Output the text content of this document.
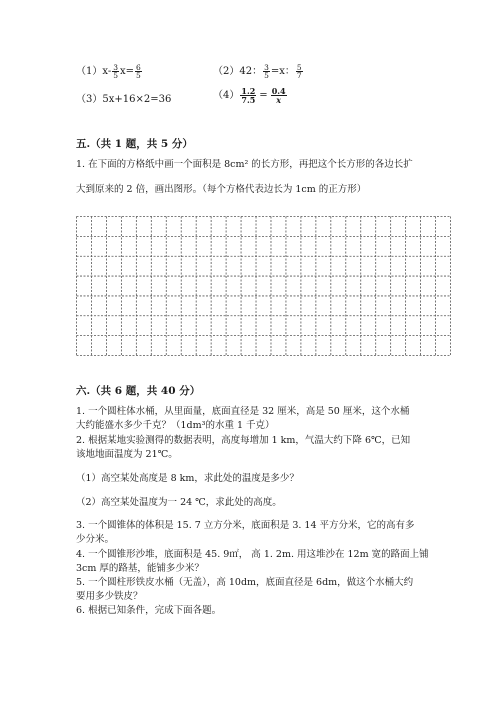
$(1)x- \frac{3}{5} x= \frac{6}{5}$	（2）42： $\frac{3}{5} =x$： $\frac{5}{7}$
（3）5x+16×2=36	$(4) \frac{1.2}{7.5} = \frac{0.4}{x}$
五.（共 1 题，共 5 分）
1. 在下面的方格纸中画一个面积是 8cm² 的长方形，再把这个长方形的各边长扩
大到原来的 2 倍，画出图形。（每个方格代表边长为 1cm 的正方形）
六.（共 6 题，共 40 分）
1. 一个圆柱体水桶，从里面量，底面直径是 32 厘米，高是 50 厘米，这个水桶
大约能盛水多少千克？（1dm³的水重 1 千克）
2. 根据某地实验测得的数据表明，高度每增加 1 km，气温大约下降 6℃，已知
该地地面温度为 21℃。
（1）高空某处高度是 8 km，求此处的温度是多少？
（2）高空某处温度为一 24 ℃，求此处的高度。
3. 一个圆锥体的体积是 15. 7 立方分米，底面积是 3. 14 平方分米，它的高有多
少分米。
4. 一个圆锥形沙堆，底面积是 45. 9㎡， 高 1. 2m. 用这堆沙在 12m 宽的路面上铺
3cm 厚的路基，能铺多少米？
5. 一个圆柱形铁皮水桶（无盖），高 10dm，底面直径是 6dm，做这个水桶大约
要用多少铁皮？
6. 根据已知条件，完成下面各题。
